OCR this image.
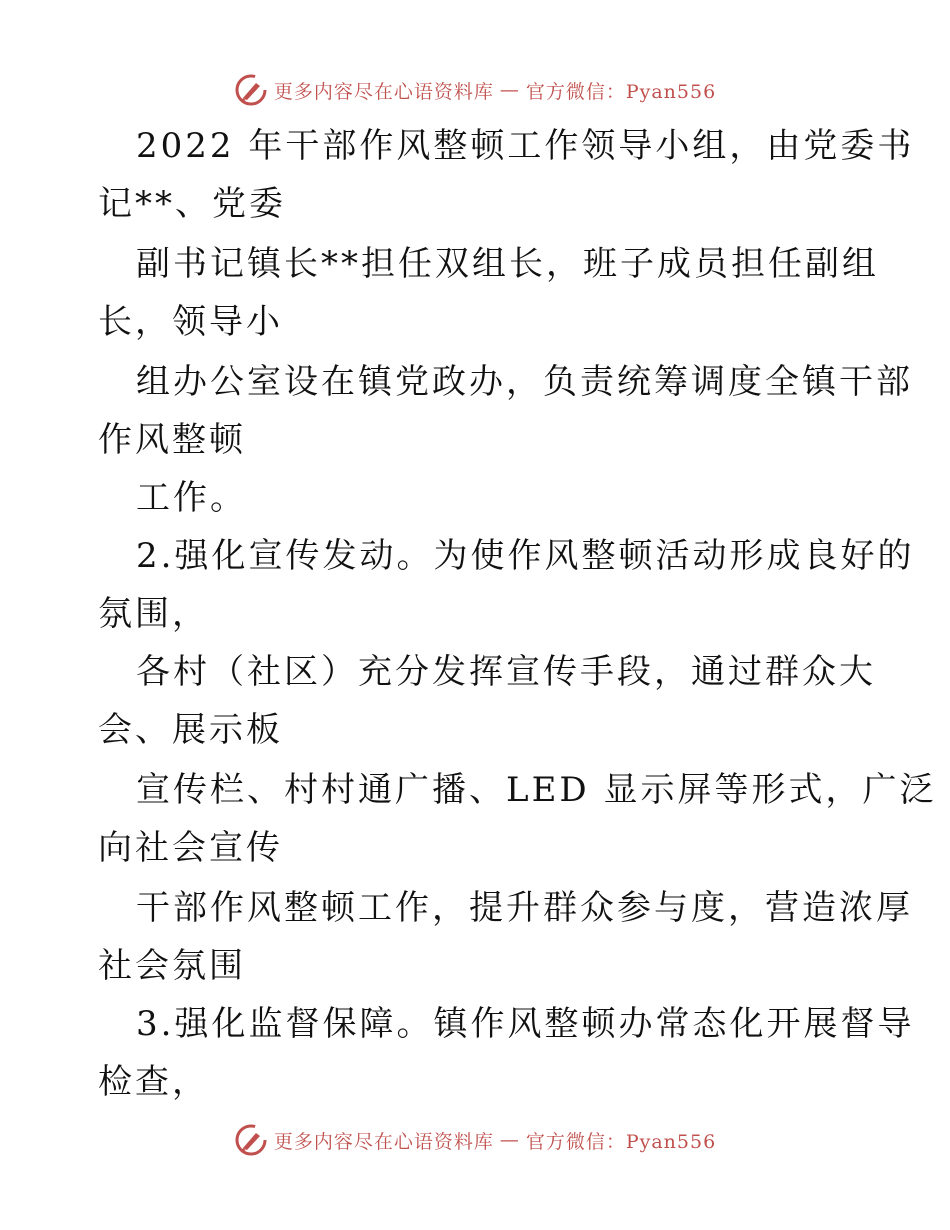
更多内容尽在心语资料库 — 官方微信：Pyan556
2022 年干部作风整顿工作领导小组，由党委书
记**、党委
副书记镇长**担任双组长，班子成员担任副组
长，领导小
组办公室设在镇党政办，负责统筹调度全镇干部
作风整顿
工作。
2.强化宣传发动。为使作风整顿活动形成良好的
氛围，
各村（社区）充分发挥宣传手段，通过群众大
会、展示板
宣传栏、村村通广播、LED 显示屏等形式，广泛
向社会宣传
干部作风整顿工作，提升群众参与度，营造浓厚
社会氛围
3.强化监督保障。镇作风整顿办常态化开展督导
检查，
更多内容尽在心语资料库 — 官方微信：Pyan556
